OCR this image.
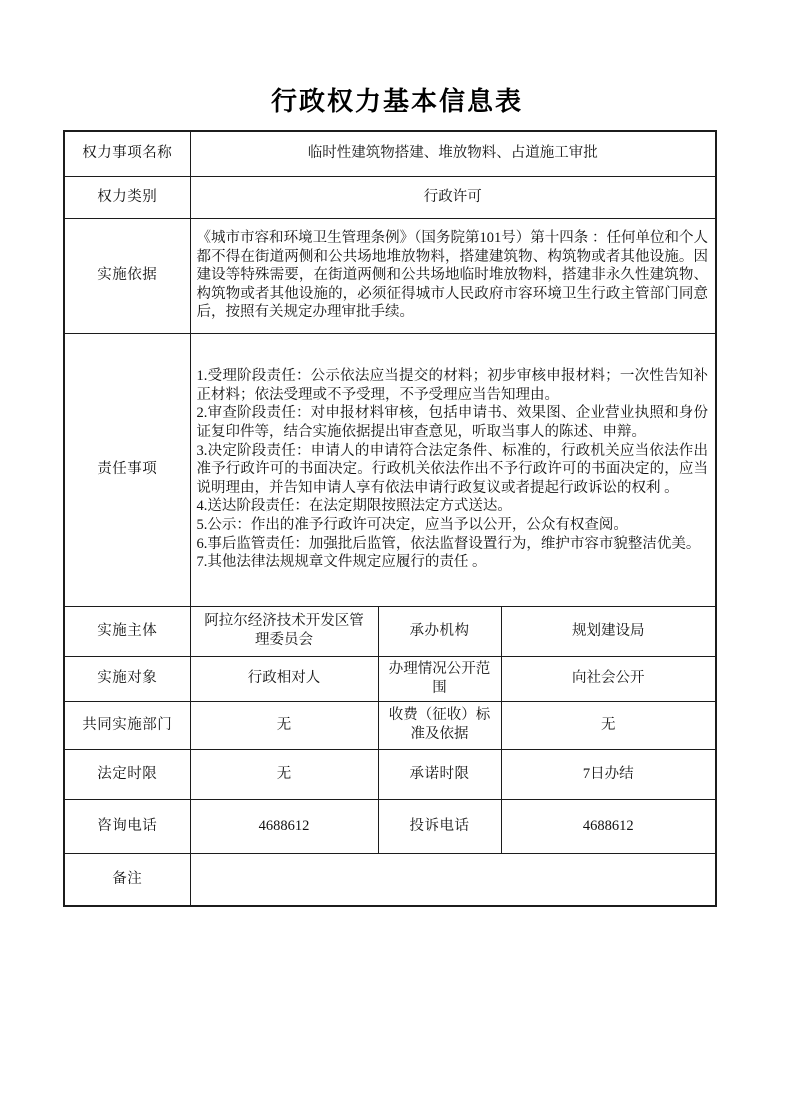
行政权力基本信息表
权力事项名称	临时性建筑物搭建、堆放物料、占道施工审批		
权力类别	行政许可		
实施依据	《城市市容和环境卫生管理条例》（国务院第101号）第十四条 ：任何单位和个人都不得在街道两侧和公共场地堆放物料，搭建建筑物、构筑物或者其他设施。因建设等特殊需要，在街道两侧和公共场地临时堆放物料，搭建非永久性建筑物、构筑物或者其他设施的，必须征得城市人民政府市容环境卫生行政主管部门同意后，按照有关规定办理审批手续。		

责任事项	
1.受理阶段责任：公示依法应当提交的材料；初步审核申报材料；一次性告知补正材料；依法受理或不予受理，不予受理应当告知理由。
2.审查阶段责任：对申报材料审核，包括申请书、效果图、企业营业执照和身份证复印件等，结合实施依据提出审查意见，听取当事人的陈述、申辩。
3.决定阶段责任：申请人的申请符合法定条件、标准的，行政机关应当依法作出准予行政许可的书面决定。行政机关依法作出不予行政许可的书面决定的，应当说明理由，并告知申请人享有依法申请行政复议或者提起行政诉讼的权利 。
4.送达阶段责任：在法定期限按照法定方式送达。
5.公示：作出的准予行政许可决定，应当予以公开，公众有权查阅。
6.事后监管责任：加强批后监管，依法监督设置行为，维护市容市貌整洁优美。
7.其他法律法规规章文件规定应履行的责任 。

实施主体	阿拉尔经济技术开发区管理委员会	承办机构	规划建设局
实施对象	行政相对人	办理情况公开范围	向社会公开
共同实施部门	无	收费（征收）标准及依据	无
法定时限	无	承诺时限	7日办结
咨询电话	4688612	投诉电话	4688612
备注			
